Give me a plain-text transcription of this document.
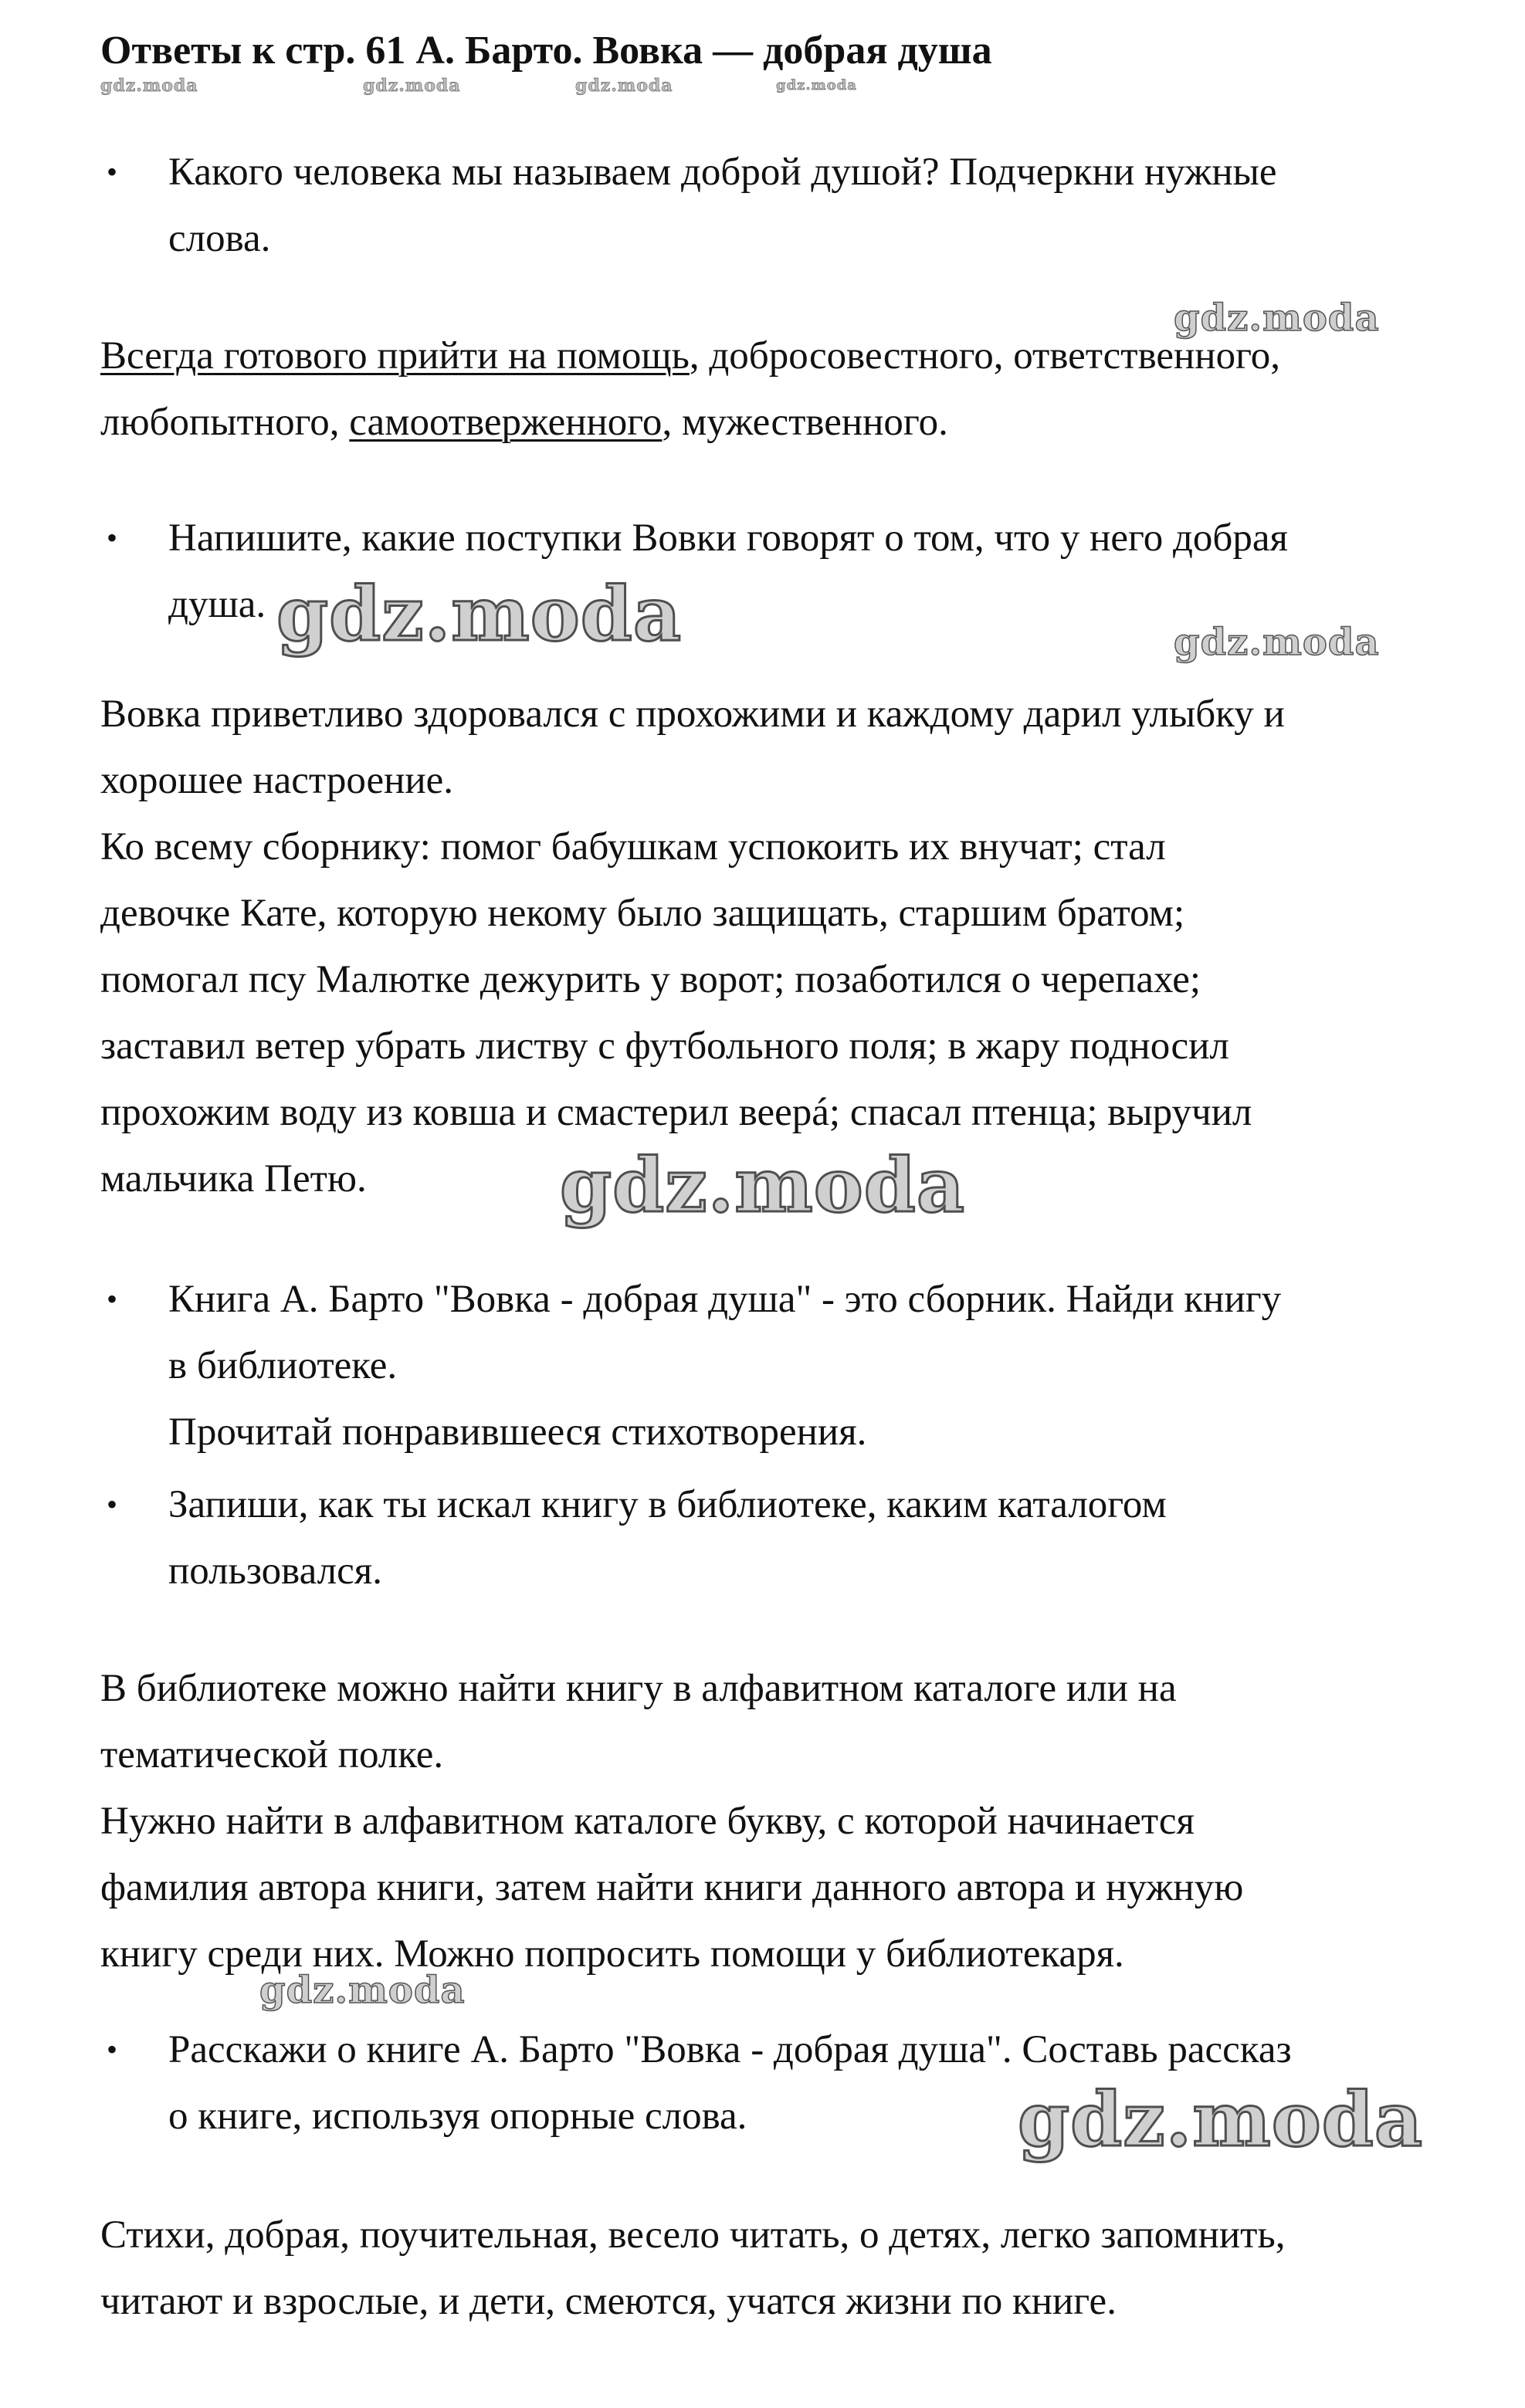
Ответы к стр. 61 А. Барто. Вовка — добрая душа
gdz.moda	gdz.moda	gdz.moda	gdz.moda
• Какого человека мы называем доброй душой? Подчеркни нужные
слова.
gdz.moda
Всегда готового прийти на помощь, добросовестного, ответственного,
любопытного, самоотверженного, мужественного.
• Напишите, какие поступки Вовки говорят о том, что у него добрая
душа. gdz.moda	gdz.moda
Вовка приветливо здоровался с прохожими и каждому дарил улыбку и
хорошее настроение.
Ко всему сборнику: помог бабушкам успокоить их внучат; стал
девочке Кате, которую некому было защищать, старшим братом;
помогал псу Малютке дежурить у ворот; позаботился о черепахе;
заставил ветер убрать листву с футбольного поля; в жару подносил
прохожим воду из ковша и смастерил веерá; спасал птенца; выручил
мальчика Петю.	gdz.moda
• Книга А. Барто "Вовка - добрая душа" - это сборник. Найди книгу
в библиотеке.
Прочитай понравившееся стихотворения.
• Запиши, как ты искал книгу в библиотеке, каким каталогом
пользовался.
В библиотеке можно найти книгу в алфавитном каталоге или на
тематической полке.
Нужно найти в алфавитном каталоге букву, с которой начинается
фамилия автора книги, затем найти книги данного автора и нужную
книгу среди них. Можно попросить помощи у библиотекаря.
gdz.moda
• Расскажи о книге А. Барто "Вовка - добрая душа". Составь рассказ
о книге, используя опорные слова.	gdz.moda
Стихи, добрая, поучительная, весело читать, о детях, легко запомнить,
читают и взрослые, и дети, смеются, учатся жизни по книге.
